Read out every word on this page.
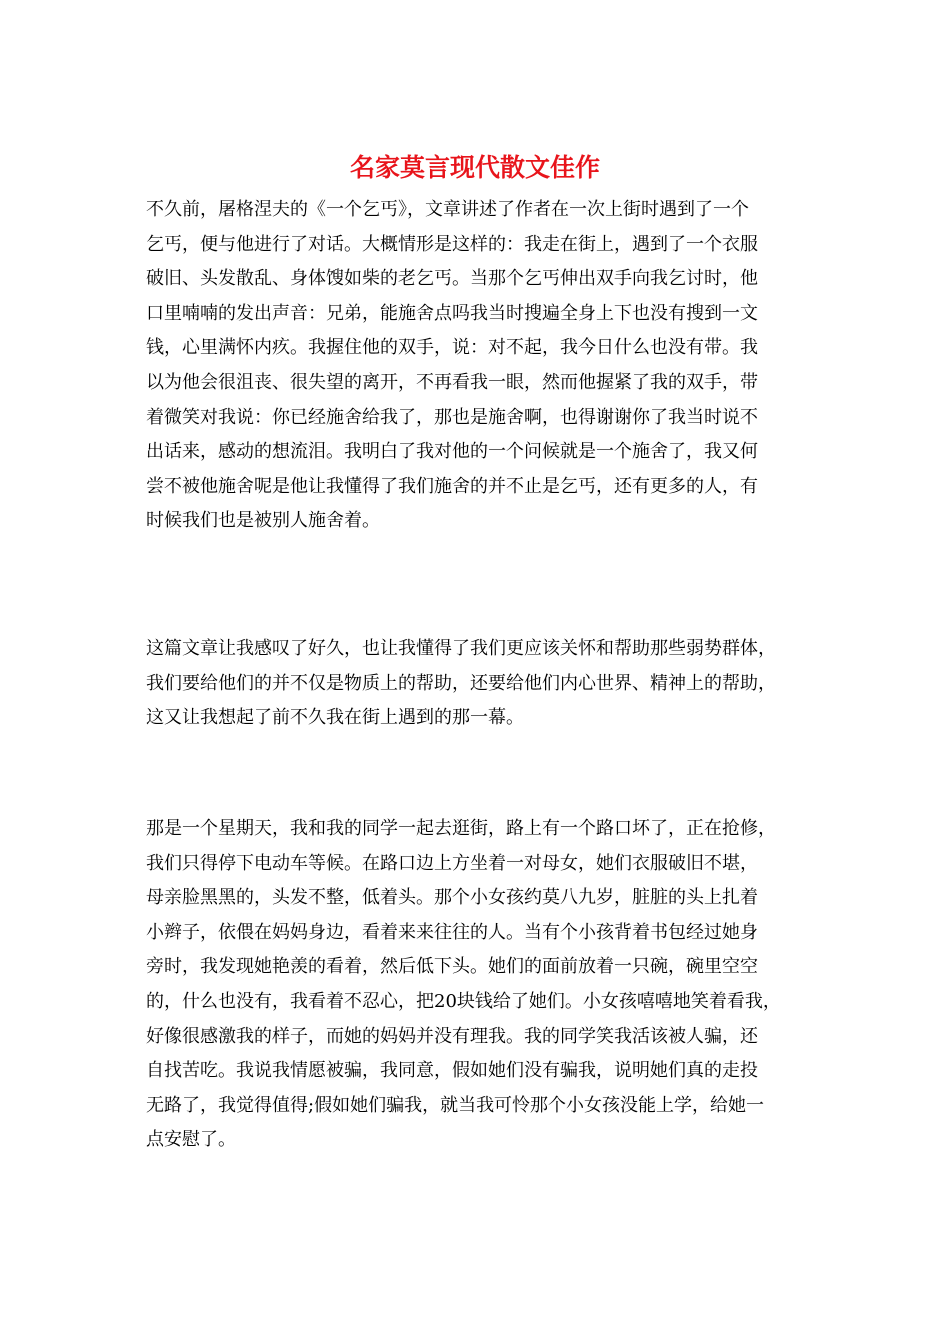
名家莫言现代散文佳作
不久前，屠格涅夫的《一个乞丐》，文章讲述了作者在一次上街时遇到了一个
乞丐，便与他进行了对话。大概情形是这样的：我走在街上，遇到了一个衣服
破旧、头发散乱、身体馊如柴的老乞丐。当那个乞丐伸出双手向我乞讨时，他
口里喃喃的发出声音：兄弟，能施舍点吗我当时搜遍全身上下也没有搜到一文
钱，心里满怀内疚。我握住他的双手，说：对不起，我今日什么也没有带。我
以为他会很沮丧、很失望的离开，不再看我一眼，然而他握紧了我的双手，带
着微笑对我说：你已经施舍给我了，那也是施舍啊，也得谢谢你了我当时说不
出话来，感动的想流泪。我明白了我对他的一个问候就是一个施舍了，我又何
尝不被他施舍呢是他让我懂得了我们施舍的并不止是乞丐，还有更多的人，有
时候我们也是被别人施舍着。
这篇文章让我感叹了好久，也让我懂得了我们更应该关怀和帮助那些弱势群体，
我们要给他们的并不仅是物质上的帮助，还要给他们内心世界、精神上的帮助，
这又让我想起了前不久我在街上遇到的那一幕。
那是一个星期天，我和我的同学一起去逛街，路上有一个路口坏了，正在抢修，
我们只得停下电动车等候。在路口边上方坐着一对母女，她们衣服破旧不堪，
母亲脸黑黑的，头发不整，低着头。那个小女孩约莫八九岁，脏脏的头上扎着
小辫子，依偎在妈妈身边，看着来来往往的人。当有个小孩背着书包经过她身
旁时，我发现她艳羡的看着，然后低下头。她们的面前放着一只碗，碗里空空
的，什么也没有，我看着不忍心，把20块钱给了她们。小女孩嘻嘻地笑着看我，
好像很感激我的样子，而她的妈妈并没有理我。我的同学笑我活该被人骗，还
自找苦吃。我说我情愿被骗，我同意，假如她们没有骗我，说明她们真的走投
无路了，我觉得值得;假如她们骗我，就当我可怜那个小女孩没能上学，给她一
点安慰了。
